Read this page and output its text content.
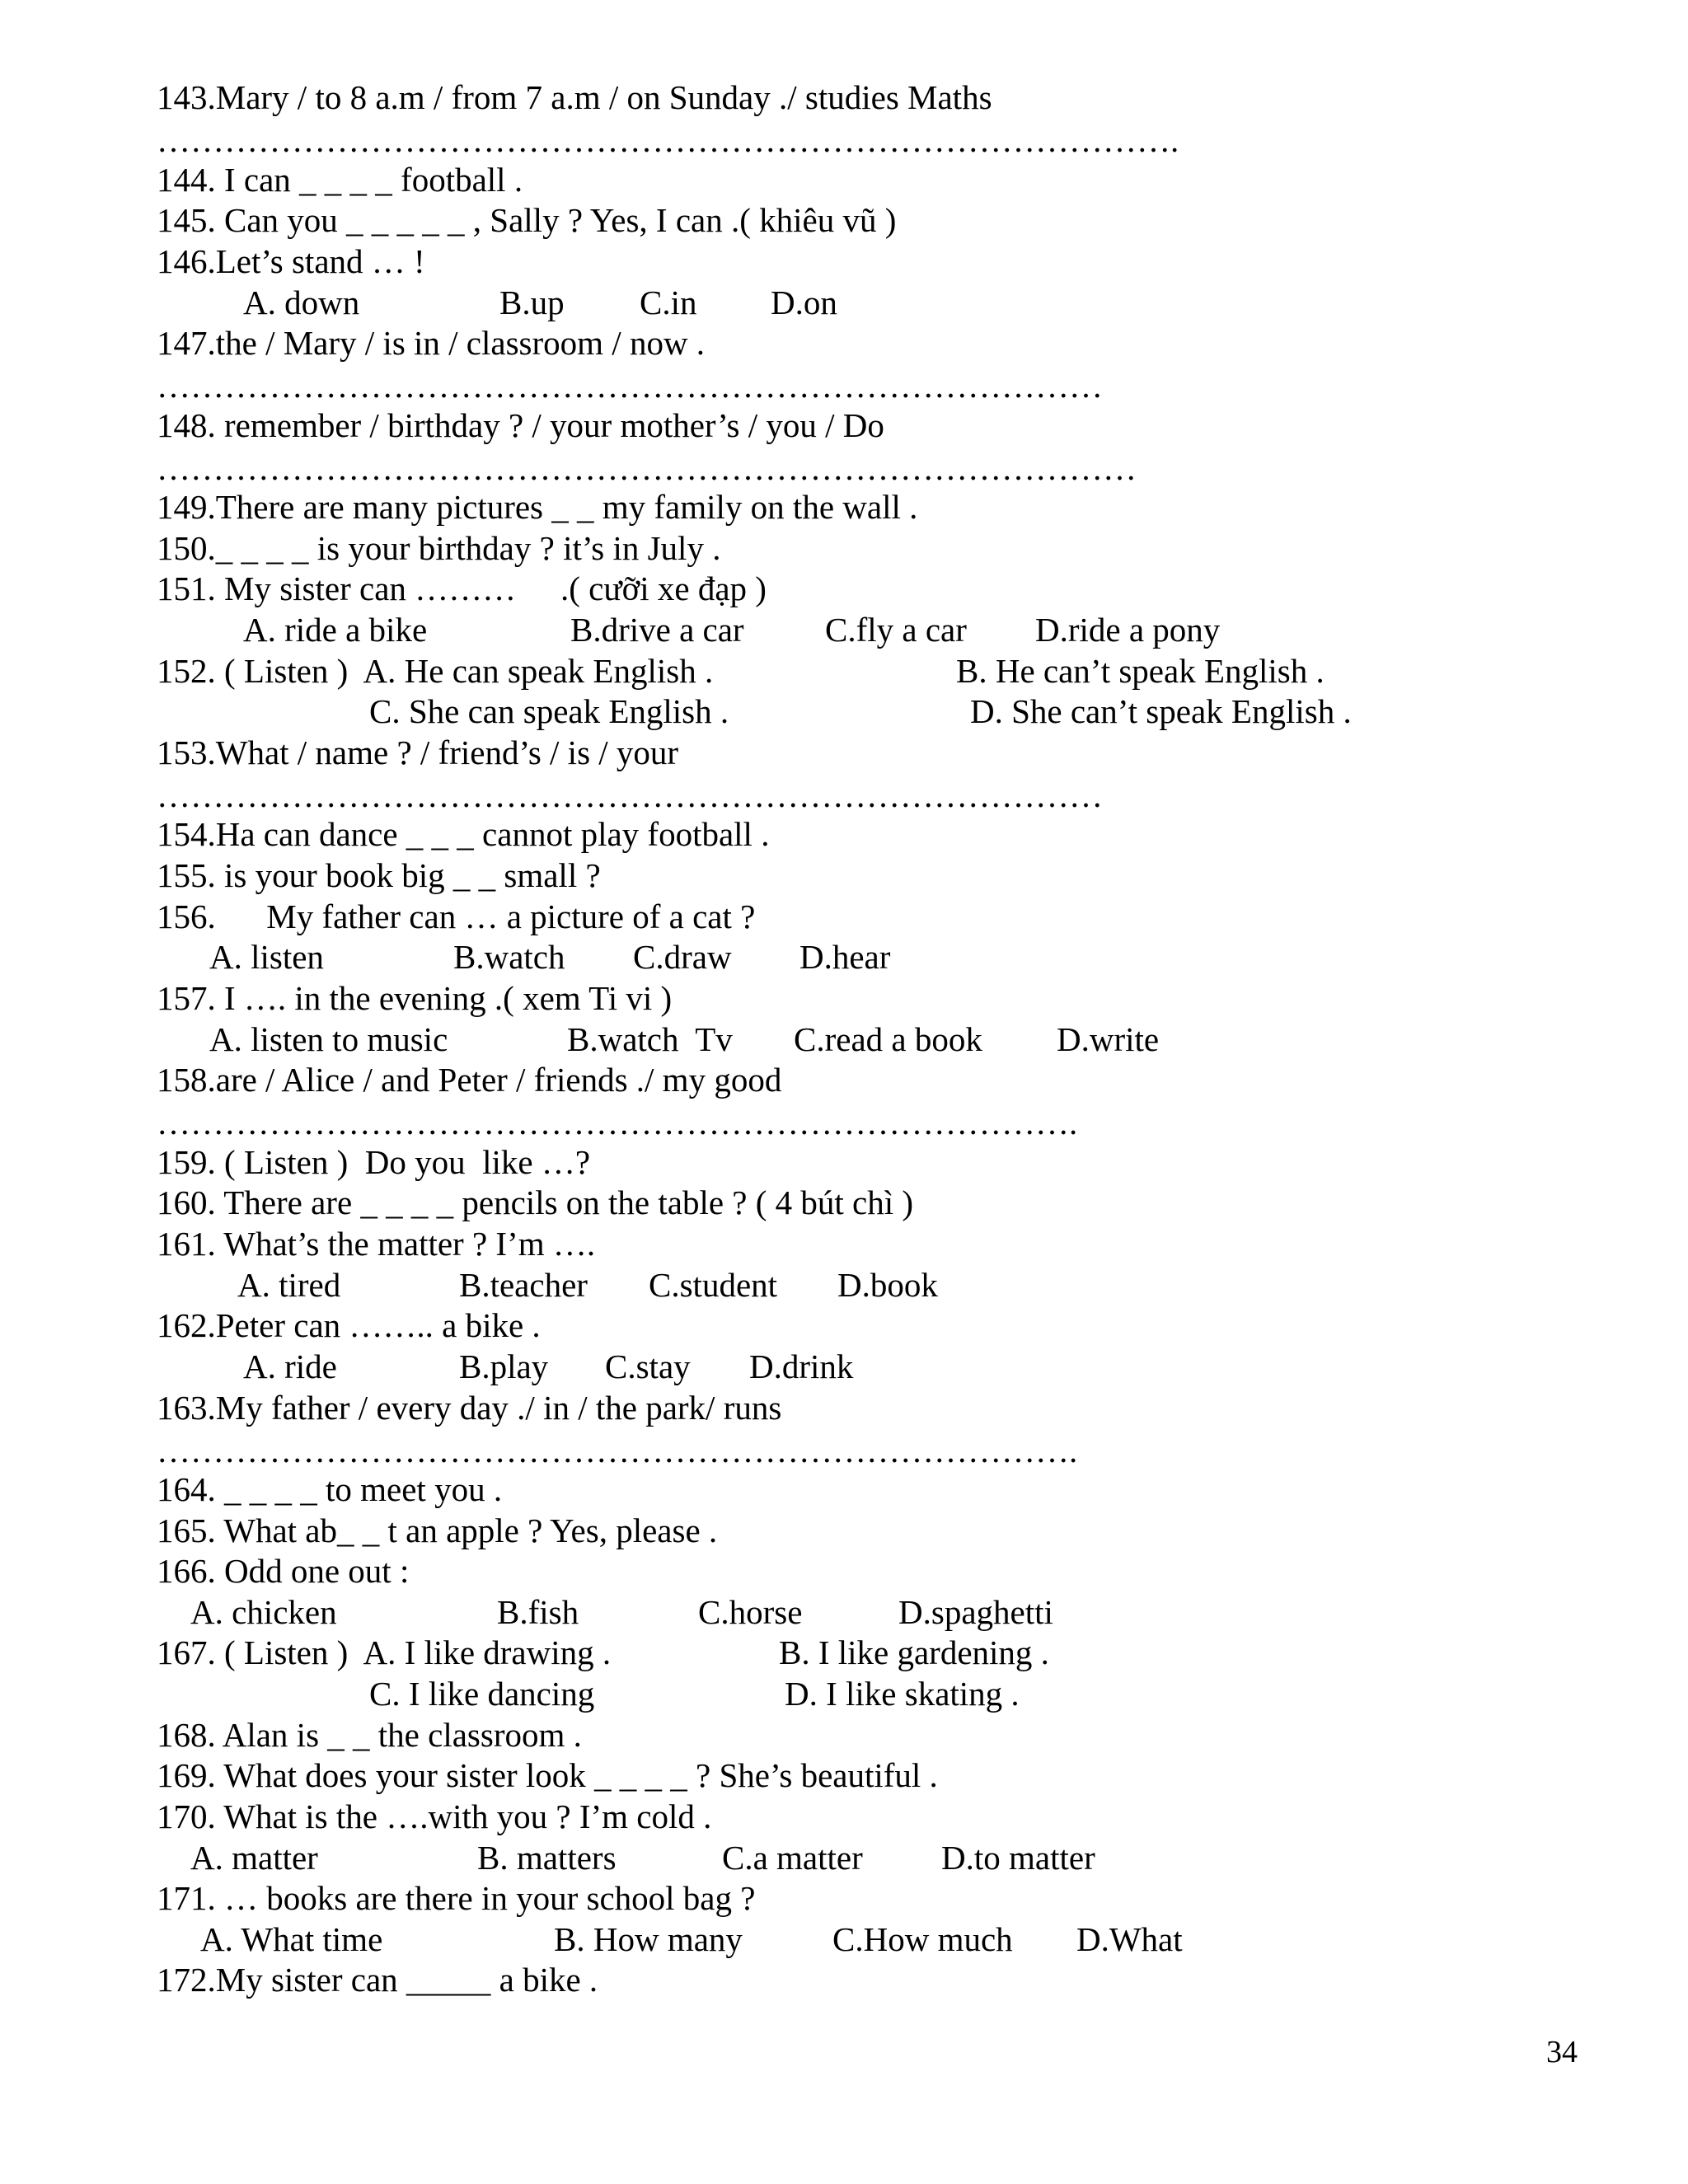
143.Mary / to 8 a.m / from 7 a.m / on Sunday ./ studies Maths
……………………………………………………………………………….
144. I can _ _ _ _ football .
145. Can you _ _ _ _ _ , Sally ? Yes, I can .( khiêu vũ )
146.Let’s stand … !
A. down	B.up C.in D.on
147.the / Mary / is in / classroom / now .
…………………………………………………………………………
148. remember / birthday ? / your mother’s / you / Do
……………………………………………………………………………
149.There are many pictures _ _ my family on the wall .
150._ _ _ _ is your birthday ? it’s in July .
151. My sister can ……… .( cưỡi xe đạp )
A. ride a bike	B.drive a car C.fly a car D.ride a pony
152. ( Listen )  A. He can speak English .	B. He can’t speak English .
C. She can speak English .	D. She can’t speak English .
153.What / name ? / friend’s / is / your
…………………………………………………………………………
154.Ha can dance _ _ _ cannot play football .
155. is your book big _ _ small ?
156.      My father can … a picture of a cat ?
A. listen	B.watch C.draw D.hear
157. I …. in the evening .( xem Ti vi )
A. listen to music	B.watch  Tv C.read a book D.write
158.are / Alice / and Peter / friends ./ my good
……………………………………………………………………….
159. ( Listen )  Do you  like …?
160. There are _ _ _ _ pencils on the table ? ( 4 bút chì )
161. What’s the matter ? I’m ….
A. tired	B.teacher C.student D.book
162.Peter can …….. a bike .
A. ride	B.play C.stay D.drink
163.My father / every day ./ in / the park/ runs
……………………………………………………………………….
164. _ _ _ _ to meet you .
165. What ab_ _ t an apple ? Yes, please .
166. Odd one out :
A. chicken	B.fish	C.horse	D.spaghetti
167. ( Listen )  A. I like drawing .	B. I like gardening .
C. I like dancing	D. I like skating .
168. Alan is _ _ the classroom .
169. What does your sister look _ _ _ _ ? She’s beautiful .
170. What is the ….with you ? I’m cold .
A. matter	B. matters	C.a matter D.to matter
171. … books are there in your school bag ?
A. What time	B. How many	C.How much D.What
172.My sister can _____ a bike .
34
